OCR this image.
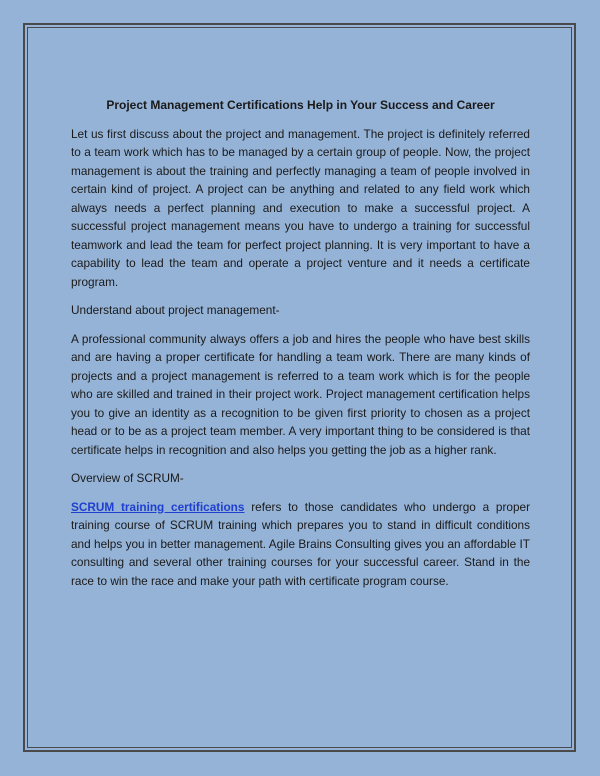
Project Management Certifications Help in Your Success and Career
Let us first discuss about the project and management. The project is definitely referred to a team work which has to be managed by a certain group of people. Now, the project management is about the training and perfectly managing a team of people involved in certain kind of project. A project can be anything and related to any field work which always needs a perfect planning and execution to make a successful project. A successful project management means you have to undergo a training for successful teamwork and lead the team for perfect project planning. It is very important to have a capability to lead the team and operate a project venture and it needs a certificate program.
Understand about project management-
A professional community always offers a job and hires the people who have best skills and are having a proper certificate for handling a team work. There are many kinds of projects and a project management is referred to a team work which is for the people who are skilled and trained in their project work. Project management certification helps you to give an identity as a recognition to be given first priority to chosen as a project head or to be as a project team member. A very important thing to be considered is that certificate helps in recognition and also helps you getting the job as a higher rank.
Overview of SCRUM-
SCRUM training certifications refers to those candidates who undergo a proper training course of SCRUM training which prepares you to stand in difficult conditions and helps you in better management. Agile Brains Consulting gives you an affordable IT consulting and several other training courses for your successful career. Stand in the race to win the race and make your path with certificate program course.
